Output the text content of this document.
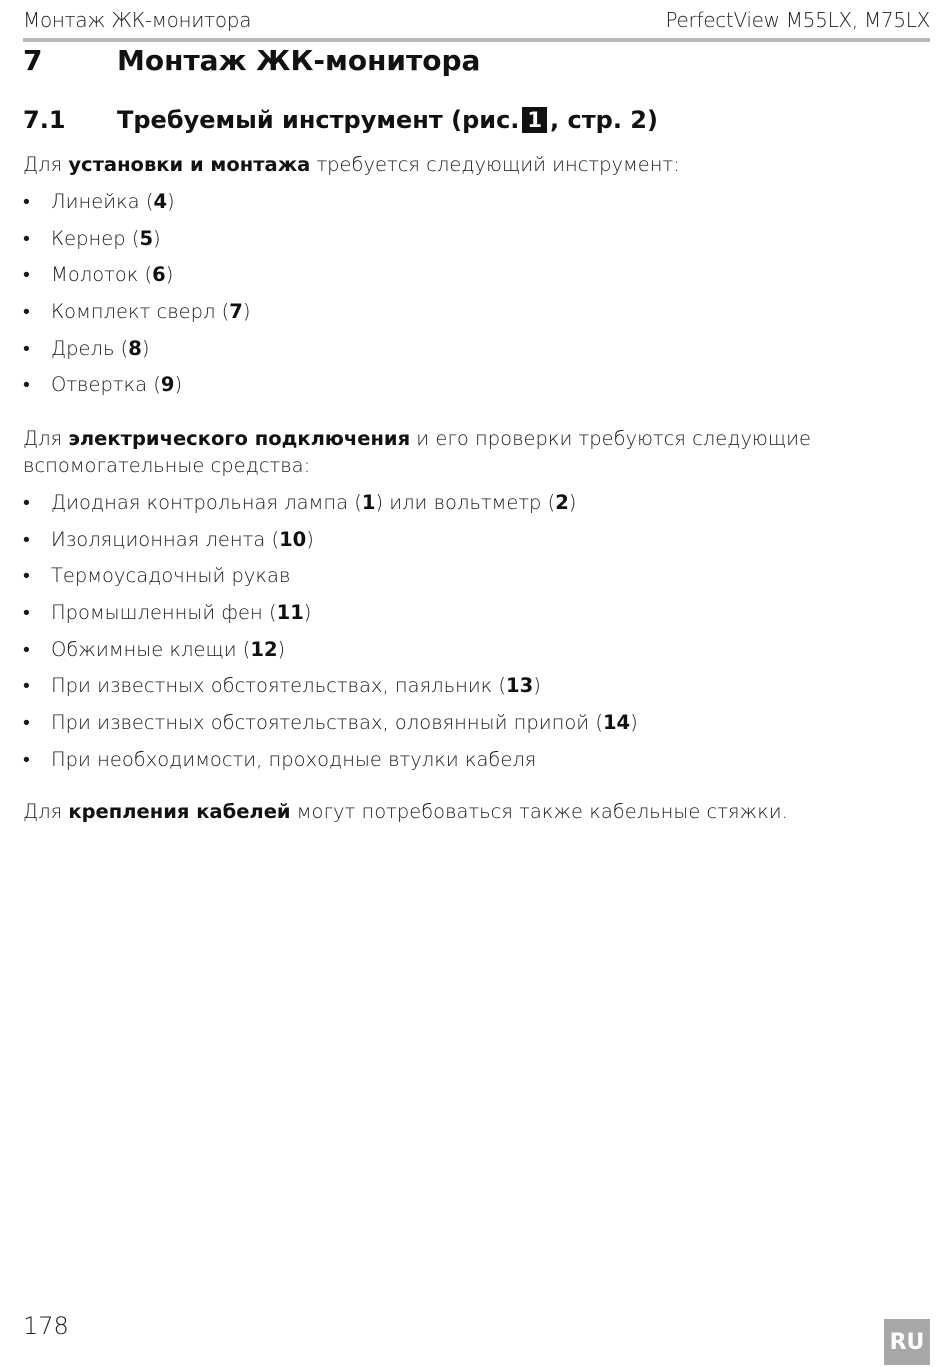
Монтаж ЖК-монитора	PerfectView M55LX, M75LX
7	Монтаж ЖК-монитора
7.1 Требуемый инструмент (рис. 1 , стр. 2)
Для установки и монтажа требуется следующий инструмент:
• Линейка (4)
• Кернер (5)
• Молоток (6)
• Комплект сверл (7)
• Дрель (8)
• Отвертка (9)
Для электрического подключения и его проверки требуются следующие вспомогательные средства:
• Диодная контрольная лампа (1) или вольтметр (2)
• Изоляционная лента (10)
• Термоусадочный рукав
• Промышленный фен (11)
• Обжимные клещи (12)
• При известных обстоятельствах, паяльник (13)
• При известных обстоятельствах, оловянный припой (14)
• При необходимости, проходные втулки кабеля
Для крепления кабелей могут потребоваться также кабельные стяжки.
178
RU
